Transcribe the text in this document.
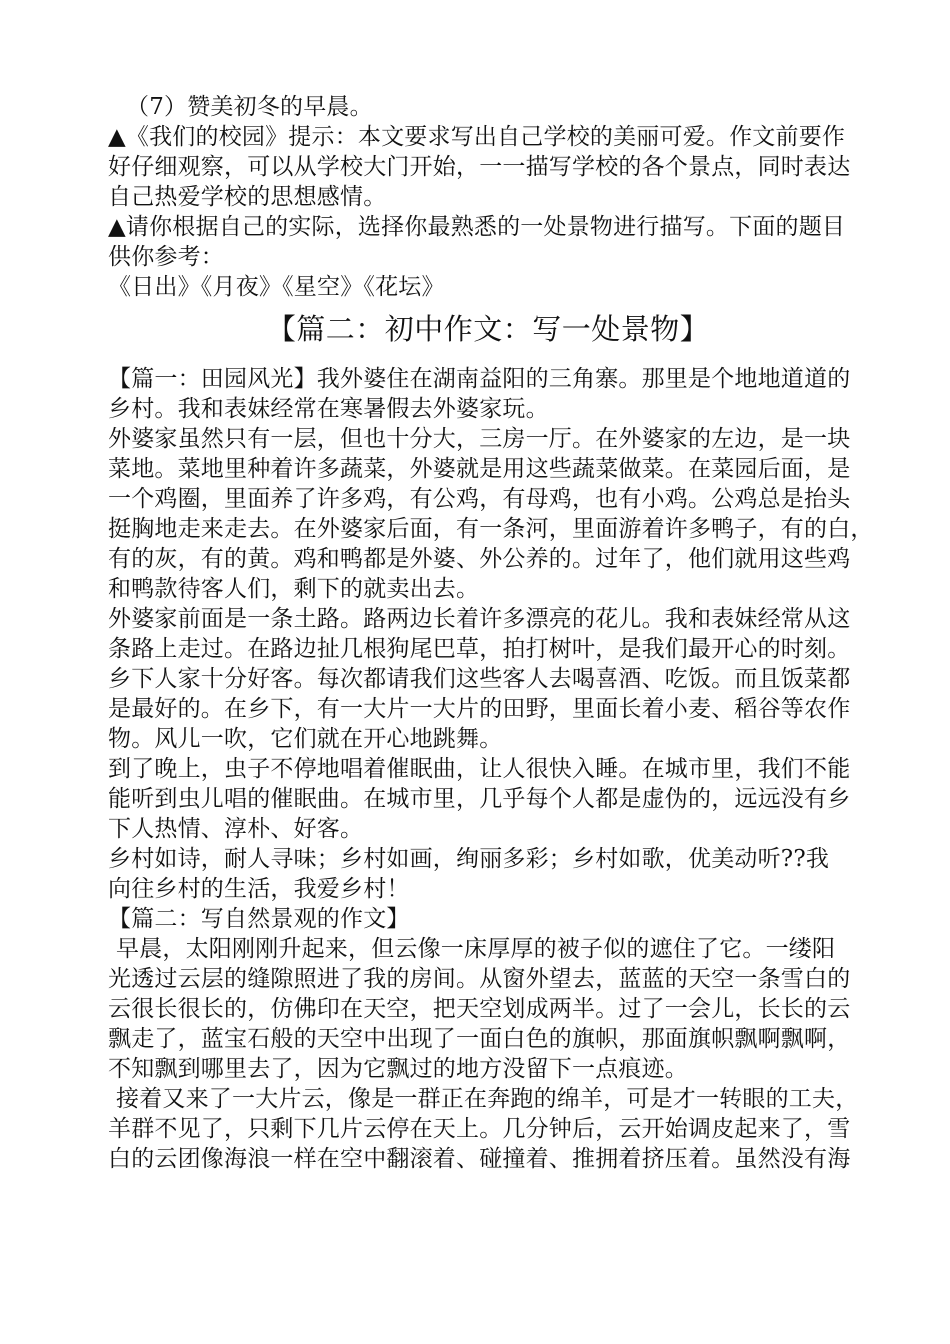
（7）赞美初冬的早晨。
▲《我们的校园》提示：本文要求写出自己学校的美丽可爱。作文前要作
好仔细观察，可以从学校大门开始，一一描写学校的各个景点，同时表达
自己热爱学校的思想感情。
▲请你根据自己的实际，选择你最熟悉的一处景物进行描写。下面的题目
供你参考：
《日出》《月夜》《星空》《花坛》
【篇二：初中作文：写一处景物】
【篇一：田园风光】我外婆住在湖南益阳的三角寨。那里是个地地道道的
乡村。我和表妹经常在寒暑假去外婆家玩。
外婆家虽然只有一层，但也十分大，三房一厅。在外婆家的左边，是一块
菜地。菜地里种着许多蔬菜，外婆就是用这些蔬菜做菜。在菜园后面，是
一个鸡圈，里面养了许多鸡，有公鸡，有母鸡，也有小鸡。公鸡总是抬头
挺胸地走来走去。在外婆家后面，有一条河，里面游着许多鸭子，有的白，
有的灰，有的黄。鸡和鸭都是外婆、外公养的。过年了，他们就用这些鸡
和鸭款待客人们，剩下的就卖出去。
外婆家前面是一条土路。路两边长着许多漂亮的花儿。我和表妹经常从这
条路上走过。在路边扯几根狗尾巴草，拍打树叶，是我们最开心的时刻。
乡下人家十分好客。每次都请我们这些客人去喝喜酒、吃饭。而且饭菜都
是最好的。在乡下，有一大片一大片的田野，里面长着小麦、稻谷等农作
物。风儿一吹，它们就在开心地跳舞。
到了晚上，虫子不停地唱着催眠曲，让人很快入睡。在城市里，我们不能
能听到虫儿唱的催眠曲。在城市里，几乎每个人都是虚伪的，远远没有乡
下人热情、淳朴、好客。
乡村如诗，耐人寻味；乡村如画，绚丽多彩；乡村如歌，优美动听??我
向往乡村的生活，我爱乡村！
【篇二：写自然景观的作文】
早晨，太阳刚刚升起来，但云像一床厚厚的被子似的遮住了它。一缕阳
光透过云层的缝隙照进了我的房间。从窗外望去，蓝蓝的天空一条雪白的
云很长很长的，仿佛印在天空，把天空划成两半。过了一会儿，长长的云
飘走了，蓝宝石般的天空中出现了一面白色的旗帜，那面旗帜飘啊飘啊，
不知飘到哪里去了，因为它飘过的地方没留下一点痕迹。
接着又来了一大片云，像是一群正在奔跑的绵羊，可是才一转眼的工夫，
羊群不见了，只剩下几片云停在天上。几分钟后，云开始调皮起来了，雪
白的云团像海浪一样在空中翻滚着、碰撞着、推拥着挤压着。虽然没有海
